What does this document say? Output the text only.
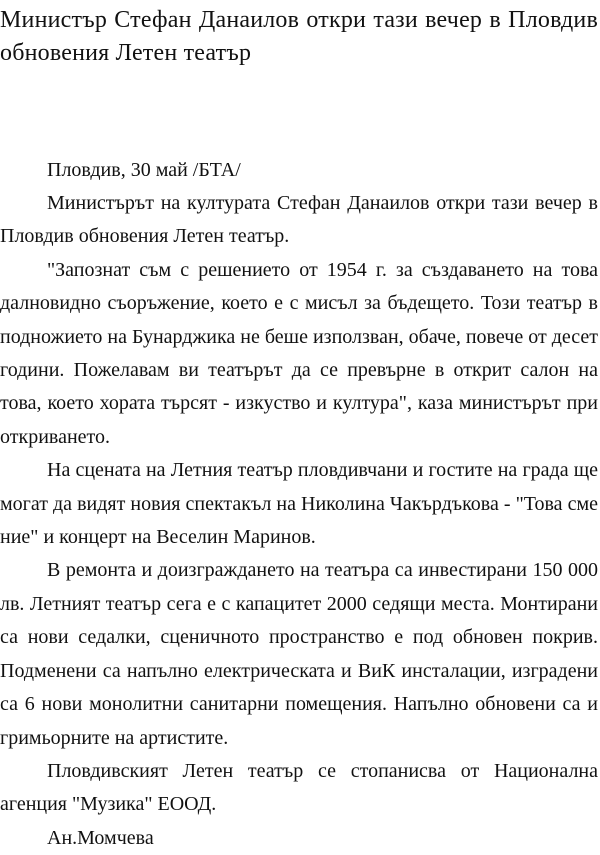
Министър Стефан Данаилов откри тази вечер в Пловдив обновения Летен театър

Пловдив, 30 май /БТА/

Министърът на културата Стефан Данаилов откри тази вечер в Пловдив обновения Летен театър.

"Запознат съм с решението от 1954 г. за създаването на това далновидно съоръжение, което е с мисъл за бъдещето. Този театър в подножието на Бунарджика не беше използван, обаче, повече от десет години. Пожелавам ви театърът да се превърне в открит салон на това, което хората търсят - изкуство и култура", каза министърът при откриването.

На сцената на Летния театър пловдивчани и гостите на града ще могат да видят новия спектакъл на Николина Чакърдъкова - "Това сме ние" и концерт на Веселин Маринов.

В ремонта и доизграждането на театъра са инвестирани 150 000 лв. Летният театър сега е с капацитет 2000 седящи места. Монтирани са нови седалки, сценичното пространство е под обновен покрив. Подменени са напълно електрическата и ВиК инсталации, изградени са 6 нови монолитни санитарни помещения. Напълно обновени са и гримьорните на артистите.

Пловдивският Летен театър се стопанисва от Национална агенция "Музика" ЕООД.

Ан.Момчева
